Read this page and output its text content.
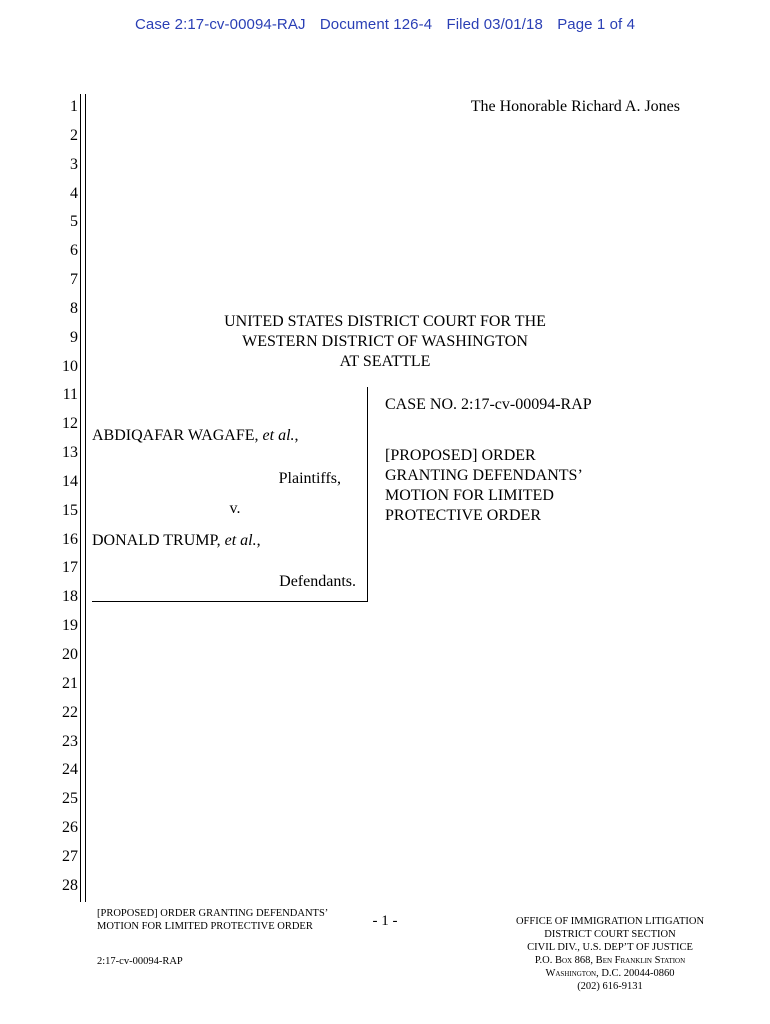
Case 2:17-cv-00094-RAJ Document 126-4 Filed 03/01/18 Page 1 of 4
1
2
3
4
5
6
7
8
9
10
11
12
13
14
15
16
17
18
19
20
21
22
23
24
25
26
27
28
The Honorable Richard A. Jones
UNITED STATES DISTRICT COURT FOR THE
WESTERN DISTRICT OF WASHINGTON
AT SEATTLE
ABDIQAFAR WAGAFE, et al.,
Plaintiffs,
v.
DONALD TRUMP, et al.,
Defendants.
CASE NO. 2:17-cv-00094-RAP
[PROPOSED] ORDER
GRANTING DEFENDANTS’
MOTION FOR LIMITED
PROTECTIVE ORDER
[PROPOSED] ORDER GRANTING DEFENDANTS’
MOTION FOR LIMITED PROTECTIVE ORDER
2:17-cv-00094-RAP
- 1 -	OFFICE OF IMMIGRATION LITIGATION
DISTRICT COURT SECTION
CIVIL DIV., U.S. DEP’T OF JUSTICE
P.O. Box 868, Ben Franklin Station
Washington, D.C. 20044-0860
(202) 616-9131
